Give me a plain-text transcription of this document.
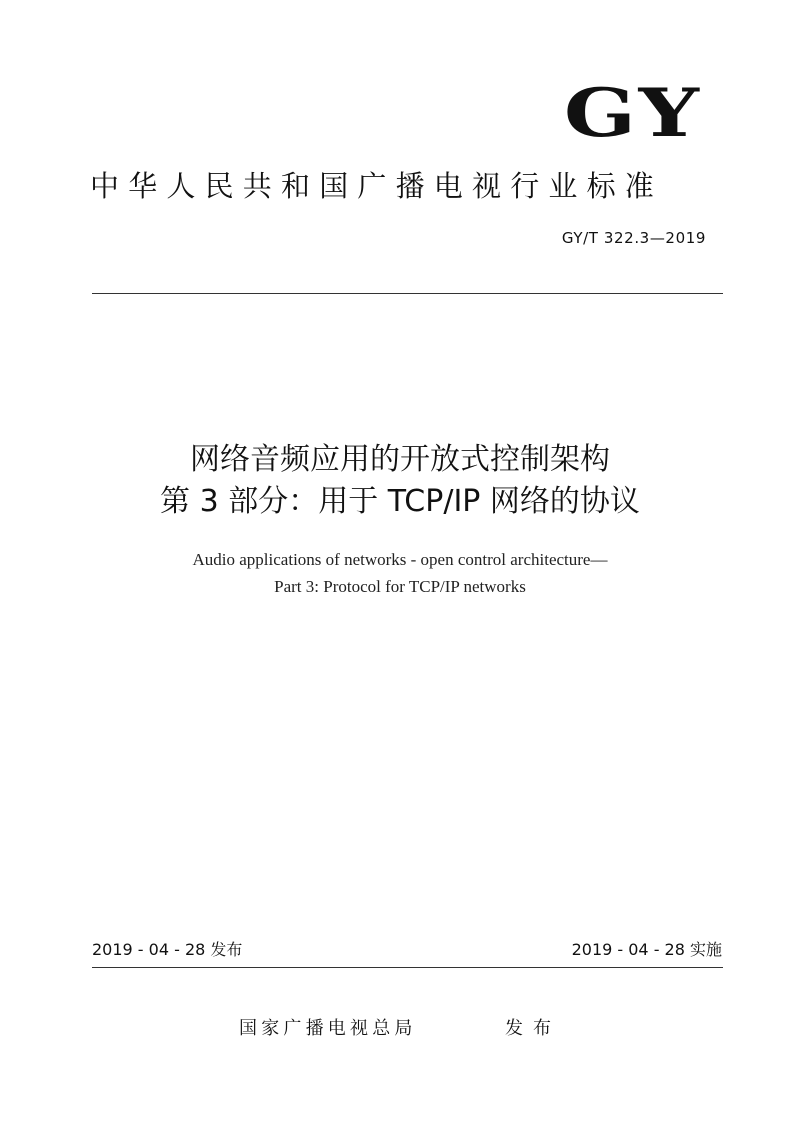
GY
中华人民共和国广播电视行业标准
GY/T 322.3—2019
网络音频应用的开放式控制架构
第 3 部分：用于 TCP/IP 网络的协议
Audio applications of networks - open control architecture—
Part 3: Protocol for TCP/IP networks
2019 - 04 - 28 发布	2019 - 04 - 28 实施
国家广播电视总局	发布
